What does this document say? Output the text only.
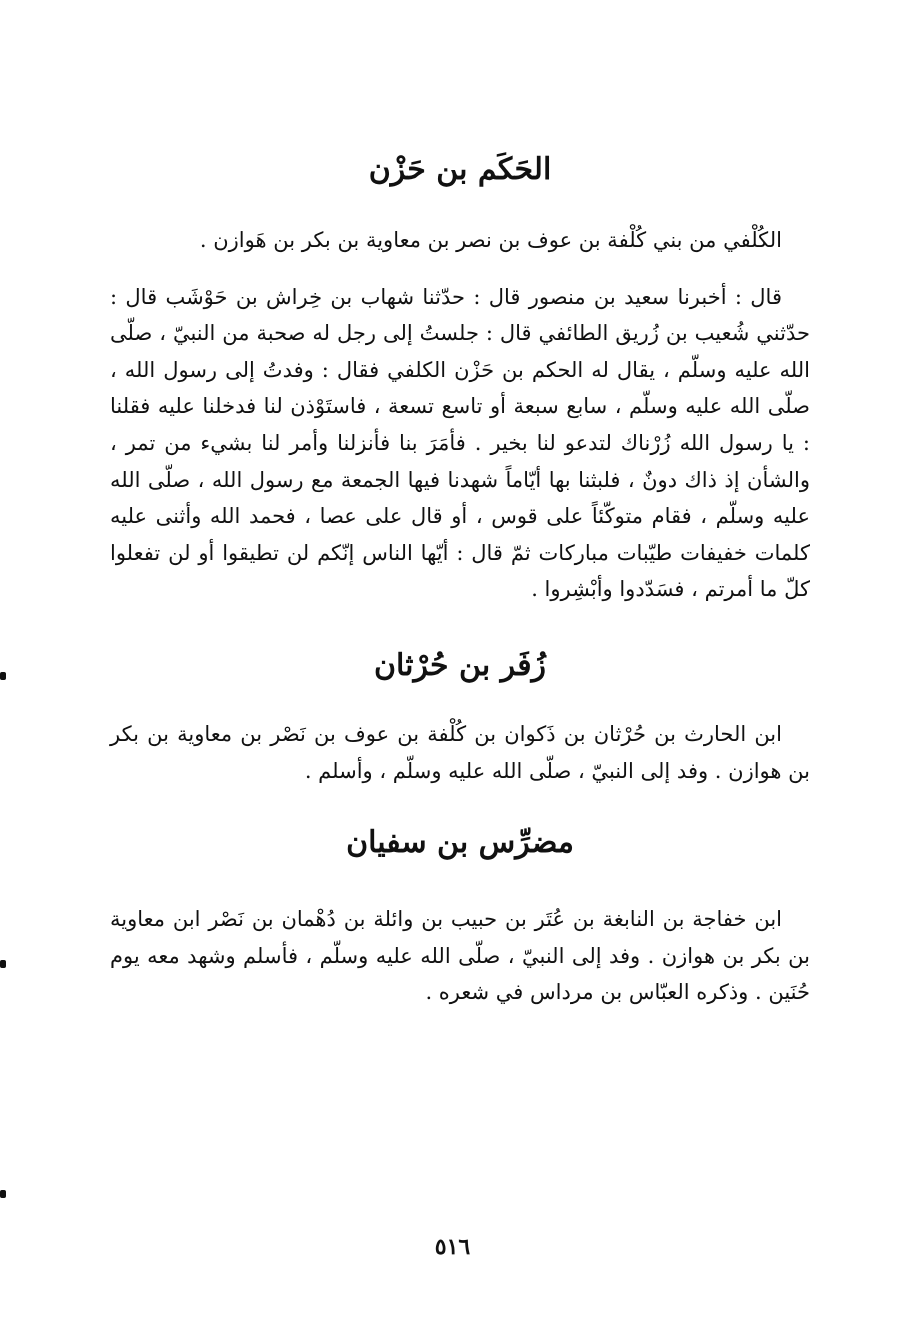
الحَكَم بن حَزْن

الكُلْفي من بني كُلْفة بن عوف بن نصر بن معاوية بن بكر بن هَوازن .

قال : أخبرنا سعيد بن منصور قال : حدّثنا شهاب بن خِراش بن حَوْشَب قال : حدّثني شُعيب بن زُريق الطائفي قال : جلستُ إلى رجل له صحبة من النبيّ ، صلّى الله عليه وسلّم ، يقال له الحكم بن حَزْن الكلفي فقال : وفدتُ إلى رسول الله ، صلّى الله عليه وسلّم ، سابع سبعة أو تاسع تسعة ، فاستَوْذن لنا فدخلنا عليه فقلنا : يا رسول الله زُرْناك لتدعو لنا بخير . فأمَرَ بنا فأنزلنا وأمر لنا بشيء من تمر ، والشأن إذ ذاك دونٌ ، فلبثنا بها أيّاماً شهدنا فيها الجمعة مع رسول الله ، صلّى الله عليه وسلّم ، فقام متوكّئاً على قوس ، أو قال على عصا ، فحمد الله وأثنى عليه كلمات خفيفات طيّبات مباركات ثمّ قال : أيّها الناس إنّكم لن تطيقوا أو لن تفعلوا كلّ ما أمرتم ، فسَدّدوا وأبْشِروا .

زُفَر بن حُرْثان

ابن الحارث بن حُرْثان بن ذَكوان بن كُلْفة بن عوف بن نَصْر بن معاوية بن بكر بن هوازن . وفد إلى النبيّ ، صلّى الله عليه وسلّم ، وأسلم .

مضرِّس بن سفيان

ابن خفاجة بن النابغة بن عُتَر بن حبيب بن وائلة بن دُهْمان بن نَصْر ابن معاوية بن بكر بن هوازن . وفد إلى النبيّ ، صلّى الله عليه وسلّم ، فأسلم وشهد معه يوم حُنَين . وذكره العبّاس بن مرداس في شعره .

٥١٦
